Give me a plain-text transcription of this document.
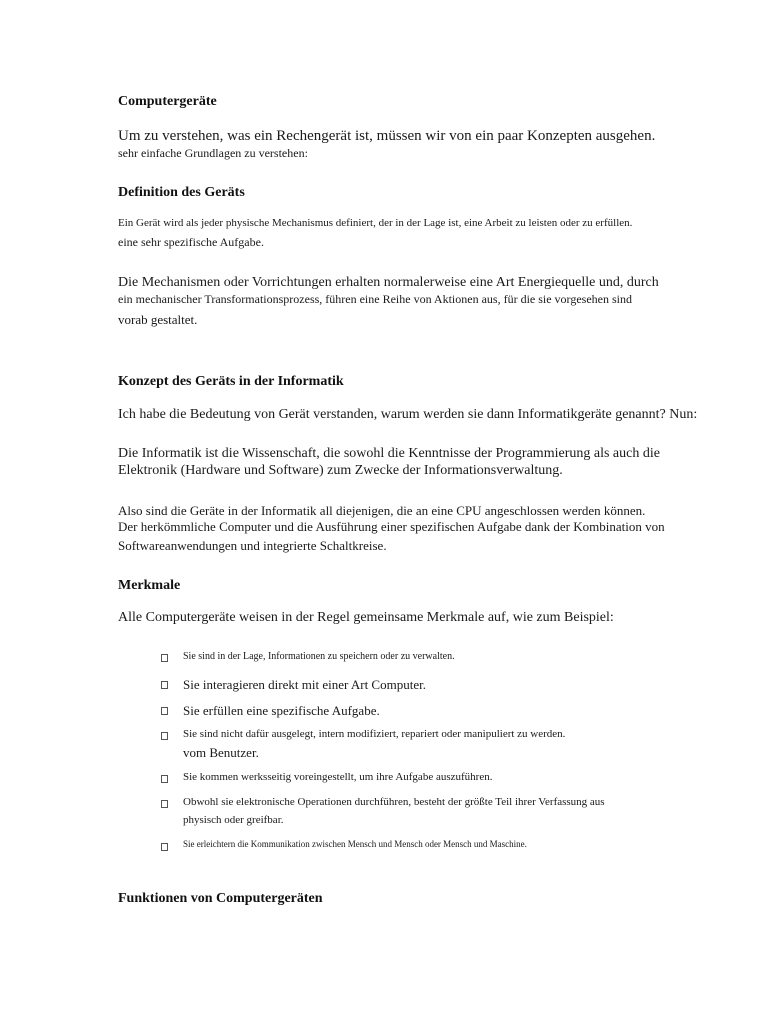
Computergeräte
Um zu verstehen, was ein Rechengerät ist, müssen wir von ein paar Konzepten ausgehen.
sehr einfache Grundlagen zu verstehen:
Definition des Geräts
Ein Gerät wird als jeder physische Mechanismus definiert, der in der Lage ist, eine Arbeit zu leisten oder zu erfüllen.
eine sehr spezifische Aufgabe.
Die Mechanismen oder Vorrichtungen erhalten normalerweise eine Art Energiequelle und, durch
ein mechanischer Transformationsprozess, führen eine Reihe von Aktionen aus, für die sie vorgesehen sind
vorab gestaltet.
Konzept des Geräts in der Informatik
Ich habe die Bedeutung von Gerät verstanden, warum werden sie dann Informatikgeräte genannt? Nun:
Die Informatik ist die Wissenschaft, die sowohl die Kenntnisse der Programmierung als auch die
Elektronik (Hardware und Software) zum Zwecke der Informationsverwaltung.
Also sind die Geräte in der Informatik all diejenigen, die an eine CPU angeschlossen werden können.
Der herkömmliche Computer und die Ausführung einer spezifischen Aufgabe dank der Kombination von
Softwareanwendungen und integrierte Schaltkreise.
Merkmale
Alle Computergeräte weisen in der Regel gemeinsame Merkmale auf, wie zum Beispiel:
Sie sind in der Lage, Informationen zu speichern oder zu verwalten.
Sie interagieren direkt mit einer Art Computer.
Sie erfüllen eine spezifische Aufgabe.
Sie sind nicht dafür ausgelegt, intern modifiziert, repariert oder manipuliert zu werden.
vom Benutzer.
Sie kommen werksseitig voreingestellt, um ihre Aufgabe auszuführen.
Obwohl sie elektronische Operationen durchführen, besteht der größte Teil ihrer Verfassung aus
physisch oder greifbar.
Sie erleichtern die Kommunikation zwischen Mensch und Mensch oder Mensch und Maschine.
Funktionen von Computergeräten
